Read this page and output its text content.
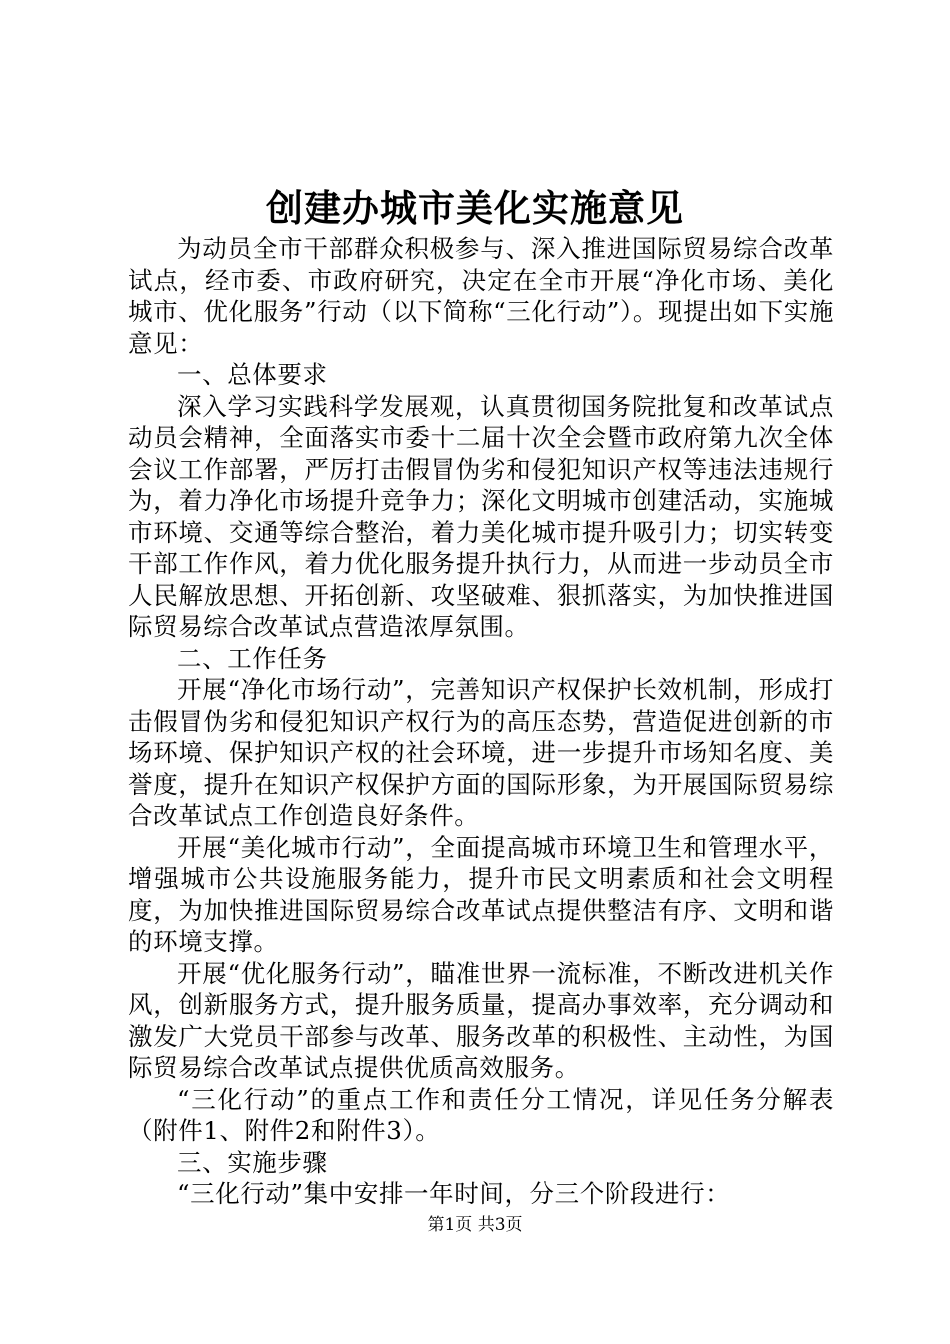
创建办城市美化实施意见

为动员全市干部群众积极参与、深入推进国际贸易综合改革试点，经市委、市政府研究，决定在全市开展“净化市场、美化城市、优化服务”行动（以下简称“三化行动”）。现提出如下实施意见：

一、总体要求

深入学习实践科学发展观，认真贯彻国务院批复和改革试点动员会精神，全面落实市委十二届十次全会暨市政府第九次全体会议工作部署，严厉打击假冒伪劣和侵犯知识产权等违法违规行为，着力净化市场提升竞争力；深化文明城市创建活动，实施城市环境、交通等综合整治，着力美化城市提升吸引力；切实转变干部工作作风，着力优化服务提升执行力，从而进一步动员全市人民解放思想、开拓创新、攻坚破难、狠抓落实，为加快推进国际贸易综合改革试点营造浓厚氛围。

二、工作任务

开展“净化市场行动”，完善知识产权保护长效机制，形成打击假冒伪劣和侵犯知识产权行为的高压态势，营造促进创新的市场环境、保护知识产权的社会环境，进一步提升市场知名度、美誉度，提升在知识产权保护方面的国际形象，为开展国际贸易综合改革试点工作创造良好条件。

开展“美化城市行动”，全面提高城市环境卫生和管理水平，增强城市公共设施服务能力，提升市民文明素质和社会文明程度，为加快推进国际贸易综合改革试点提供整洁有序、文明和谐的环境支撑。

开展“优化服务行动”，瞄准世界一流标准，不断改进机关作风，创新服务方式，提升服务质量，提高办事效率，充分调动和激发广大党员干部参与改革、服务改革的积极性、主动性，为国际贸易综合改革试点提供优质高效服务。

“三化行动”的重点工作和责任分工情况，详见任务分解表（附件1、附件2和附件3）。

三、实施步骤

“三化行动”集中安排一年时间，分三个阶段进行：

第1页 共3页
